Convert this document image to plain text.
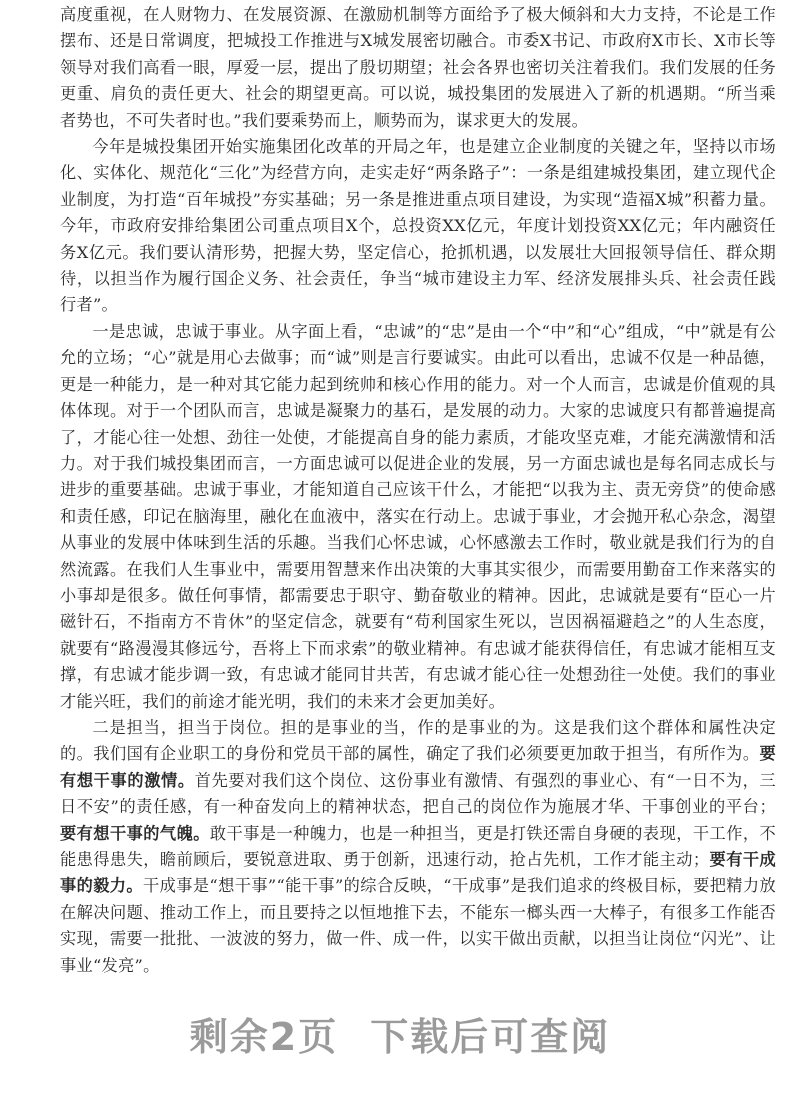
高度重视，在人财物力、在发展资源、在激励机制等方面给予了极大倾斜和大力支持，不论是工作摆布、还是日常调度，把城投工作推进与X城发展密切融合。市委X书记、市政府X市长、X市长等领导对我们高看一眼，厚爱一层，提出了殷切期望；社会各界也密切关注着我们。我们发展的任务更重、肩负的责任更大、社会的期望更高。可以说，城投集团的发展进入了新的机遇期。“所当乘者势也，不可失者时也。”我们要乘势而上，顺势而为，谋求更大的发展。

今年是城投集团开始实施集团化改革的开局之年，也是建立企业制度的关键之年，坚持以市场化、实体化、规范化“三化”为经营方向，走实走好“两条路子”：一条是组建城投集团，建立现代企业制度，为打造“百年城投”夯实基础；另一条是推进重点项目建设，为实现“造福X城”积蓄力量。今年，市政府安排给集团公司重点项目X个，总投资XX亿元，年度计划投资XX亿元；年内融资任务X亿元。我们要认清形势，把握大势，坚定信心，抢抓机遇，以发展壮大回报领导信任、群众期待，以担当作为履行国企义务、社会责任，争当“城市建设主力军、经济发展排头兵、社会责任践行者”。

一是忠诚，忠诚于事业。从字面上看，“忠诚”的“忠”是由一个“中”和“心”组成，“中”就是有公允的立场；“心”就是用心去做事；而“诚”则是言行要诚实。由此可以看出，忠诚不仅是一种品德，更是一种能力，是一种对其它能力起到统帅和核心作用的能力。对一个人而言，忠诚是价值观的具体体现。对于一个团队而言，忠诚是凝聚力的基石，是发展的动力。大家的忠诚度只有都普遍提高了，才能心往一处想、劲往一处使，才能提高自身的能力素质，才能攻坚克难，才能充满激情和活力。对于我们城投集团而言，一方面忠诚可以促进企业的发展，另一方面忠诚也是每名同志成长与进步的重要基础。忠诚于事业，才能知道自己应该干什么，才能把“以我为主、责无旁贷”的使命感和责任感，印记在脑海里，融化在血液中，落实在行动上。忠诚于事业，才会抛开私心杂念，渴望从事业的发展中体味到生活的乐趣。当我们心怀忠诚，心怀感激去工作时，敬业就是我们行为的自然流露。在我们人生事业中，需要用智慧来作出决策的大事其实很少，而需要用勤奋工作来落实的小事却是很多。做任何事情，都需要忠于职守、勤奋敬业的精神。因此，忠诚就是要有“臣心一片磁针石，不指南方不肯休”的坚定信念，就要有“苟利国家生死以，岂因祸福避趋之”的人生态度，就要有“路漫漫其修远兮，吾将上下而求索”的敬业精神。有忠诚才能获得信任，有忠诚才能相互支撑，有忠诚才能步调一致，有忠诚才能同甘共苦，有忠诚才能心往一处想劲往一处使。我们的事业才能兴旺，我们的前途才能光明，我们的未来才会更加美好。

二是担当，担当于岗位。担的是事业的当，作的是事业的为。这是我们这个群体和属性决定的。我们国有企业职工的身份和党员干部的属性，确定了我们必须要更加敢于担当，有所作为。要有想干事的激情。首先要对我们这个岗位、这份事业有激情、有强烈的事业心、有“一日不为，三日不安”的责任感，有一种奋发向上的精神状态，把自己的岗位作为施展才华、干事创业的平台；要有想干事的气魄。敢干事是一种魄力，也是一种担当，更是打铁还需自身硬的表现，干工作，不能患得患失，瞻前顾后，要锐意进取、勇于创新，迅速行动，抢占先机，工作才能主动；要有干成事的毅力。干成事是“想干事”“能干事”的综合反映，“干成事”是我们追求的终极目标，要把精力放在解决问题、推动工作上，而且要持之以恒地推下去，不能东一榔头西一大棒子，有很多工作能否实现，需要一批批、一波波的努力，做一件、成一件，以实干做出贡献，以担当让岗位“闪光”、让事业“发亮”。

剩余2页 下载后可查阅
